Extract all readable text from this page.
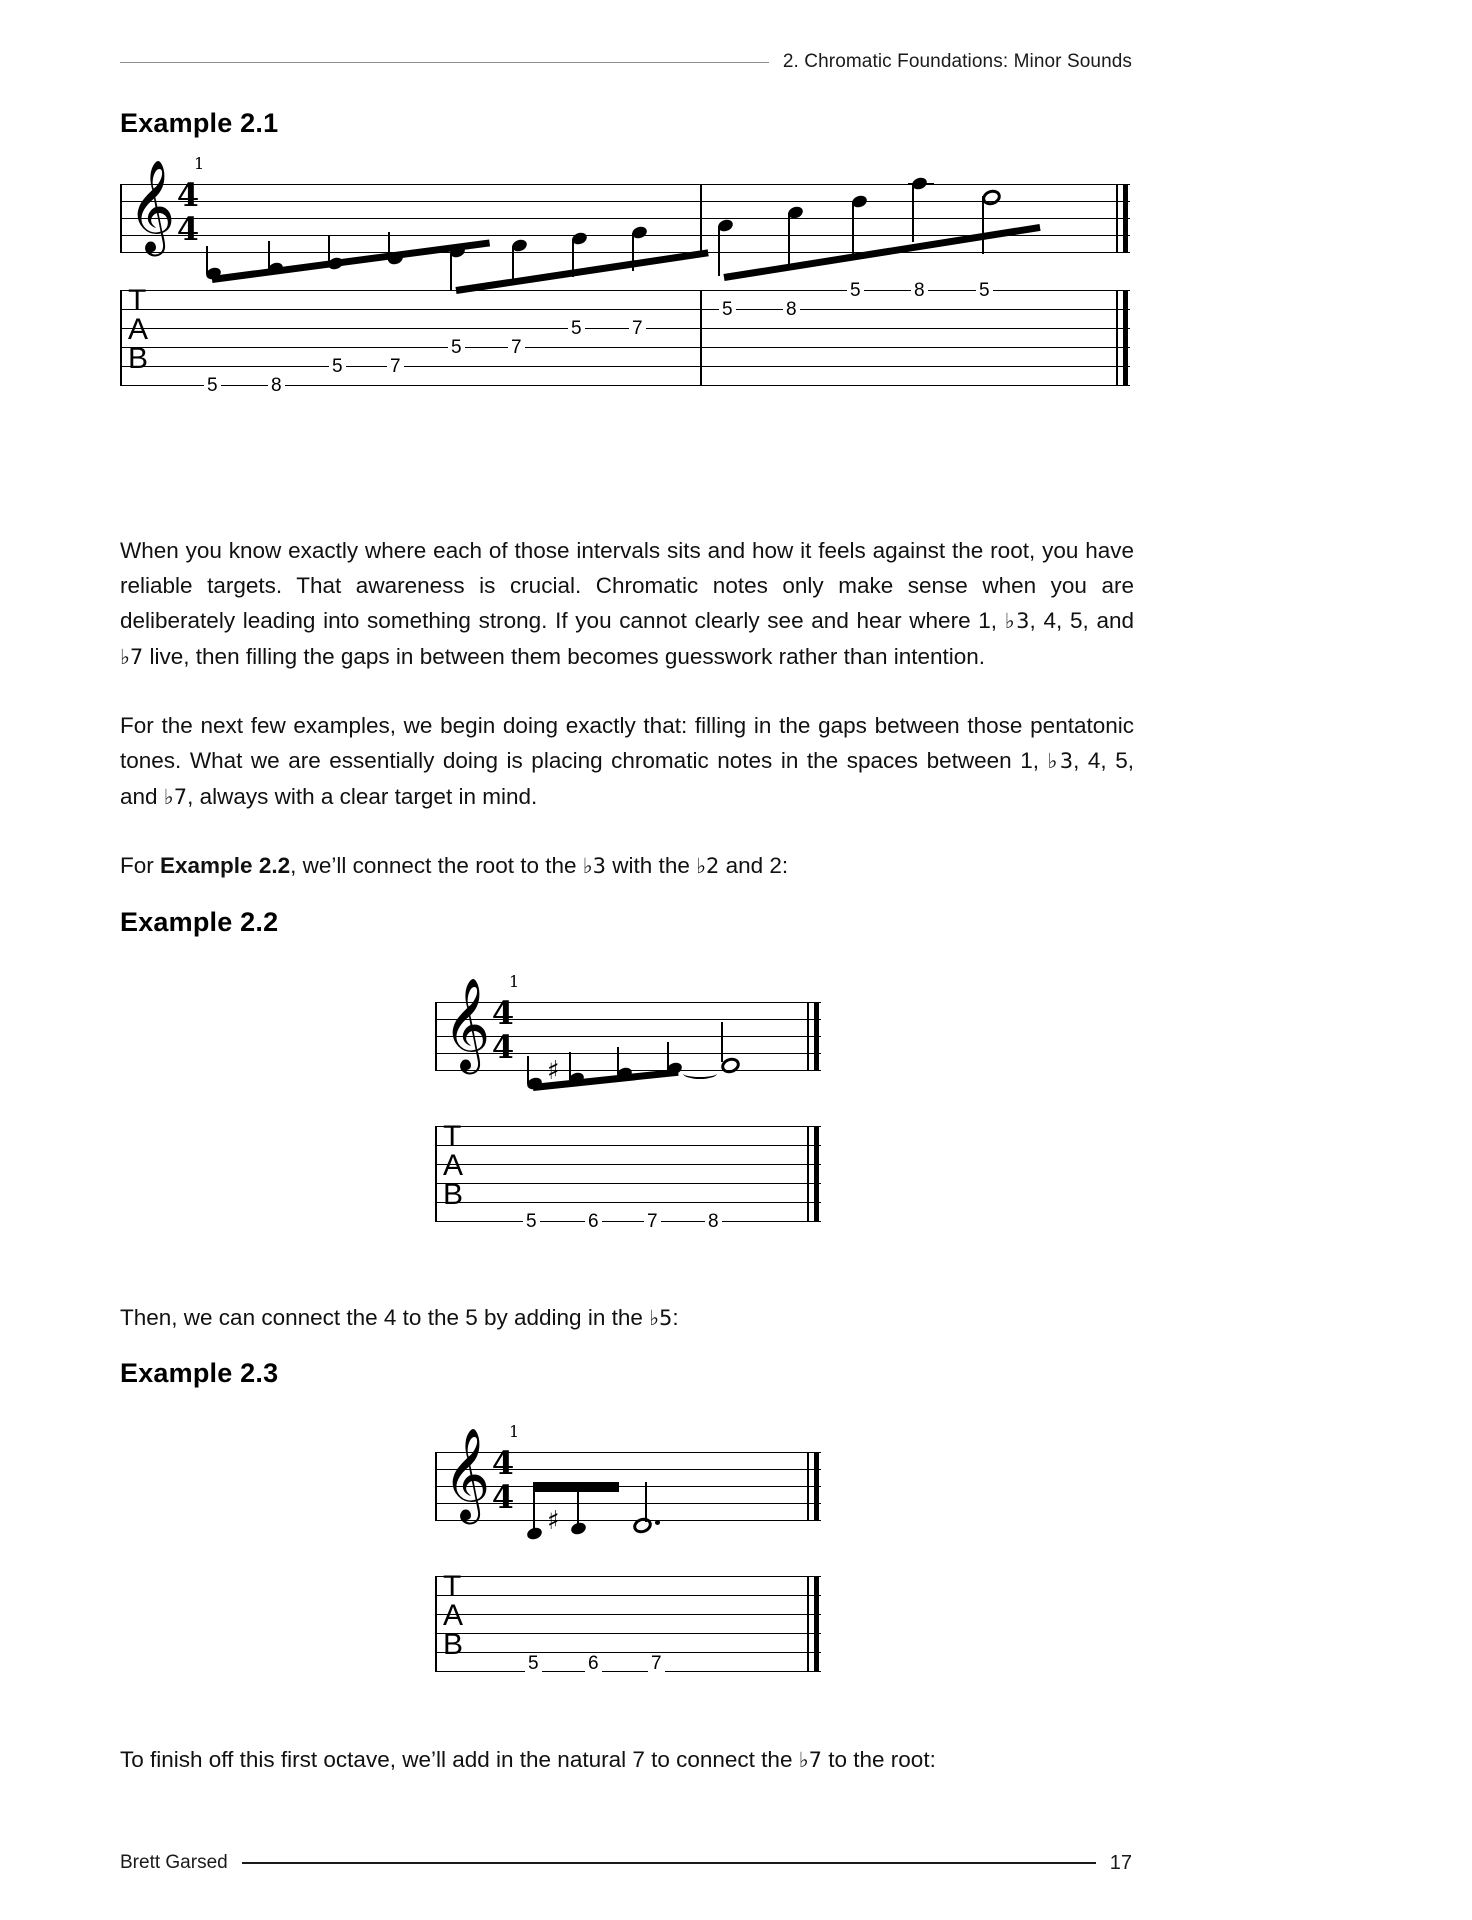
2. Chromatic Foundations: Minor Sounds
Example 2.1
𝄞 4
4
1
T
A
B
5	8
5 7
5	7
5	7
5	8
5	8	5
When you know exactly where each of those intervals sits and how it feels against the root, you have reliable targets. That awareness is crucial. Chromatic notes only make sense when you are deliberately leading into something strong. If you cannot clearly see and hear where 1, ♭3, 4, 5, and ♭7 live, then filling the gaps in between them becomes guesswork rather than intention.
For the next few examples, we begin doing exactly that: filling in the gaps between those pentatonic tones. What we are essentially doing is placing chromatic notes in the spaces between 1, ♭3, 4, 5, and ♭7, always with a clear target in mind.
For Example 2.2, we’ll connect the root to the ♭3 with the ♭2 and 2:
Example 2.2
𝄞 4
4
1
♯
T
A
B
5	6	7	8
Then, we can connect the 4 to the 5 by adding in the ♭5:
Example 2.3
𝄞 4
4
1
♯
T
A
B
5	6	7
To finish off this first octave, we’ll add in the natural 7 to connect the ♭7 to the root:
Brett Garsed	17
